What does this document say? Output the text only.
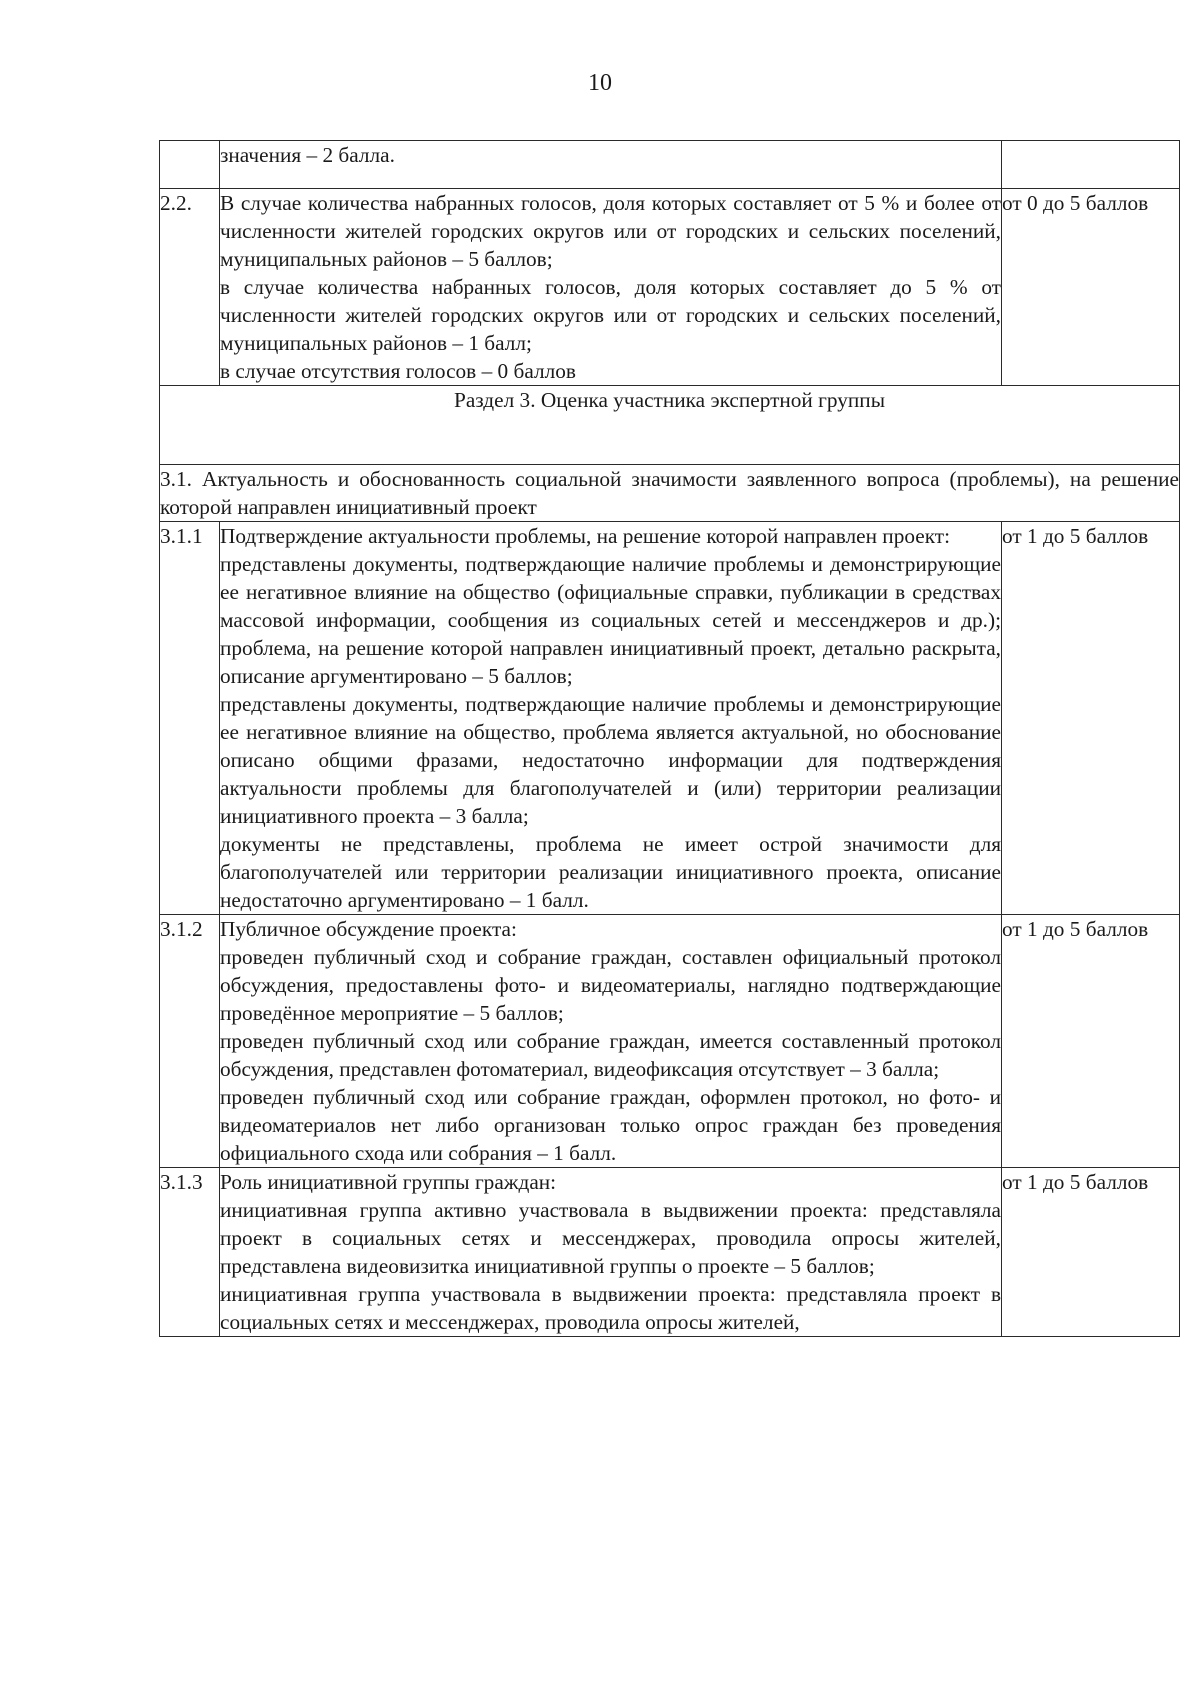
10
	значения – 2 балла.	
2.2.	В случае количества набранных голосов, доля которых составляет от 5 % и более от численности жителей городских округов или от городских и сельских поселений, муниципальных районов – 5 баллов;

в случае количества набранных голосов, доля которых составляет до 5 % от численности жителей городских округов или от городских и сельских поселений, муниципальных районов – 1 балл;

в случае отсутствия голосов – 0 баллов	от 0 до 5 баллов
Раздел 3. Оценка участника экспертной группы		
3.1. Актуальность и обоснованность социальной значимости заявленного вопроса (проблемы), на решение которой направлен инициативный проект		
3.1.1	Подтверждение актуальности проблемы, на решение которой направлен проект:

представлены документы, подтверждающие наличие проблемы и демонстрирующие ее негативное влияние на общество (официальные справки, публикации в средствах массовой информации, сообщения из социальных сетей и мессенджеров и др.); проблема, на решение которой направлен инициативный проект, детально раскрыта, описание аргументировано – 5 баллов;

представлены документы, подтверждающие наличие проблемы и демонстрирующие ее негативное влияние на общество, проблема является актуальной, но обоснование описано общими фразами, недостаточно информации для подтверждения актуальности проблемы для благополучателей и (или) территории реализации инициативного проекта – 3 балла;

документы не представлены, проблема не имеет острой значимости для благополучателей или территории реализации инициативного проекта, описание недостаточно аргументировано – 1 балл.	от 1 до 5 баллов
3.1.2	Публичное обсуждение проекта:

проведен публичный сход и собрание граждан, составлен официальный протокол обсуждения, предоставлены фото- и видеоматериалы, наглядно подтверждающие проведённое мероприятие – 5 баллов;

проведен публичный сход или собрание граждан, имеется составленный протокол обсуждения, представлен фотоматериал, видеофиксация отсутствует – 3 балла;

проведен публичный сход или собрание граждан, оформлен протокол, но фото- и видеоматериалов нет либо организован только опрос граждан без проведения официального схода или собрания – 1 балл.	от 1 до 5 баллов
3.1.3	Роль инициативной группы граждан:

инициативная группа активно участвовала в выдвижении проекта: представляла проект в социальных сетях и мессенджерах, проводила опросы жителей, представлена видеовизитка инициативной группы о проекте – 5 баллов;

инициативная группа участвовала в выдвижении проекта: представляла проект в социальных сетях и мессенджерах, проводила опросы жителей,	от 1 до 5 баллов
